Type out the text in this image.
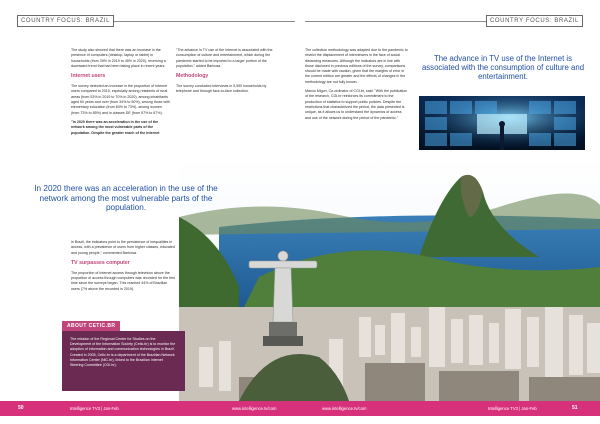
COUNTRY FOCUS: BRAZIL	COUNTRY FOCUS: BRAZIL

The study also showed that there was an increase in the presence of computers (desktop, laptop or tablet) in households (from 39% in 2019 to 45% in 2020), reversing a downward trend that had been taking place in recent years.

Internet users

The survey detected an increase in the proportion of Internet users compared to 2019, especially among residents of rural areas (from 53% in 2019 to 70% in 2020), among inhabitants aged 60 years and over (from 34% to 50%), among those with elementary education (from 60% to 73%), among women (from 73% to 85%) and in classes DE (from 57% to 67%).

"In 2020 there was an acceleration in the use of the network among the most vulnerable parts of the population. Despite the greater reach of the Internet

"The advance in TV use of the Internet is associated with the consumption of culture and entertainment, which during the pandemic started to be imported to a larger portion of the population," added Barbosa.

Methodology

The survey conducted interviews in 5,590 households by telephone and through face-to-face collection.

The collection methodology was adapted due to the pandemic to restrict the displacement of interviewers in the face of social distancing measures. Although the indicators are in line with those disclosed in previous editions of the survey, comparisons should be made with caution, given that the margins of error in the current edition are greater and the effects of changes in the methodology are not fully known.

Marcio Migon, Co-ordinator of CGI.br, said: "With the publication of the research, CGI.br reinforces its commitment to the production of statistics to support public policies. Despite the restrictions that characterized the period, the data presented is unique, as it allows us to understand the dynamics of access and use of the network during the period of the pandemic."

The advance in TV use of the Internet is associated with the consumption of culture and entertainment.
In 2020 there was an acceleration in the use of the network among the most vulnerable parts of the population.

in Brazil, the indicators point to the persistence of inequalities in access, with a prevalence of users from higher classes, educated and young people," commented Barbosa.

TV surpasses computer

The proportion of Internet access through television above the proportion of access through computers was recorded for the first time since the surveys began. This reached 44% of Brazilian users (7% above the recorded in 2019).

ABOUT CETIC.BR
The mission of the Regional Center for Studies on the Development of the Information Society (Cetic.br) is to monitor the adoption of information and communication technologies in Brazil. Created in 2005, Cetic.br is a department of the Brazilian Network Information Center (NIC.br), linked to the Brazilian Internet Steering Committee (CGI.br).
50	Intelligence TV3 | Jan-Feb	www.intelligence.tv/com	www.intelligence.tv/com	Intelligence TV3 | Jan-Feb	51
